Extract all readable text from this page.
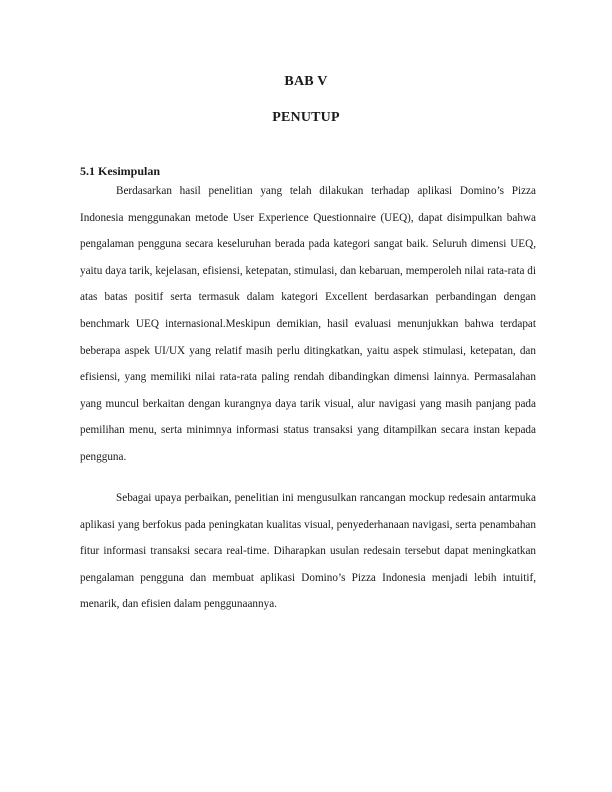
BAB V
PENUTUP
5.1 Kesimpulan

Berdasarkan hasil penelitian yang telah dilakukan terhadap aplikasi Domino’s Pizza Indonesia menggunakan metode User Experience Questionnaire (UEQ), dapat disimpulkan bahwa pengalaman pengguna secara keseluruhan berada pada kategori sangat baik. Seluruh dimensi UEQ, yaitu daya tarik, kejelasan, efisiensi, ketepatan, stimulasi, dan kebaruan, memperoleh nilai rata-rata di atas batas positif serta termasuk dalam kategori Excellent berdasarkan perbandingan dengan benchmark UEQ internasional.Meskipun demikian, hasil evaluasi menunjukkan bahwa terdapat beberapa aspek UI/UX yang relatif masih perlu ditingkatkan, yaitu aspek stimulasi, ketepatan, dan efisiensi, yang memiliki nilai rata-rata paling rendah dibandingkan dimensi lainnya. Permasalahan yang muncul berkaitan dengan kurangnya daya tarik visual, alur navigasi yang masih panjang pada pemilihan menu, serta minimnya informasi status transaksi yang ditampilkan secara instan kepada pengguna.

Sebagai upaya perbaikan, penelitian ini mengusulkan rancangan mockup redesain antarmuka aplikasi yang berfokus pada peningkatan kualitas visual, penyederhanaan navigasi, serta penambahan fitur informasi transaksi secara real-time. Diharapkan usulan redesain tersebut dapat meningkatkan pengalaman pengguna dan membuat aplikasi Domino’s Pizza Indonesia menjadi lebih intuitif, menarik, dan efisien dalam penggunaannya.
